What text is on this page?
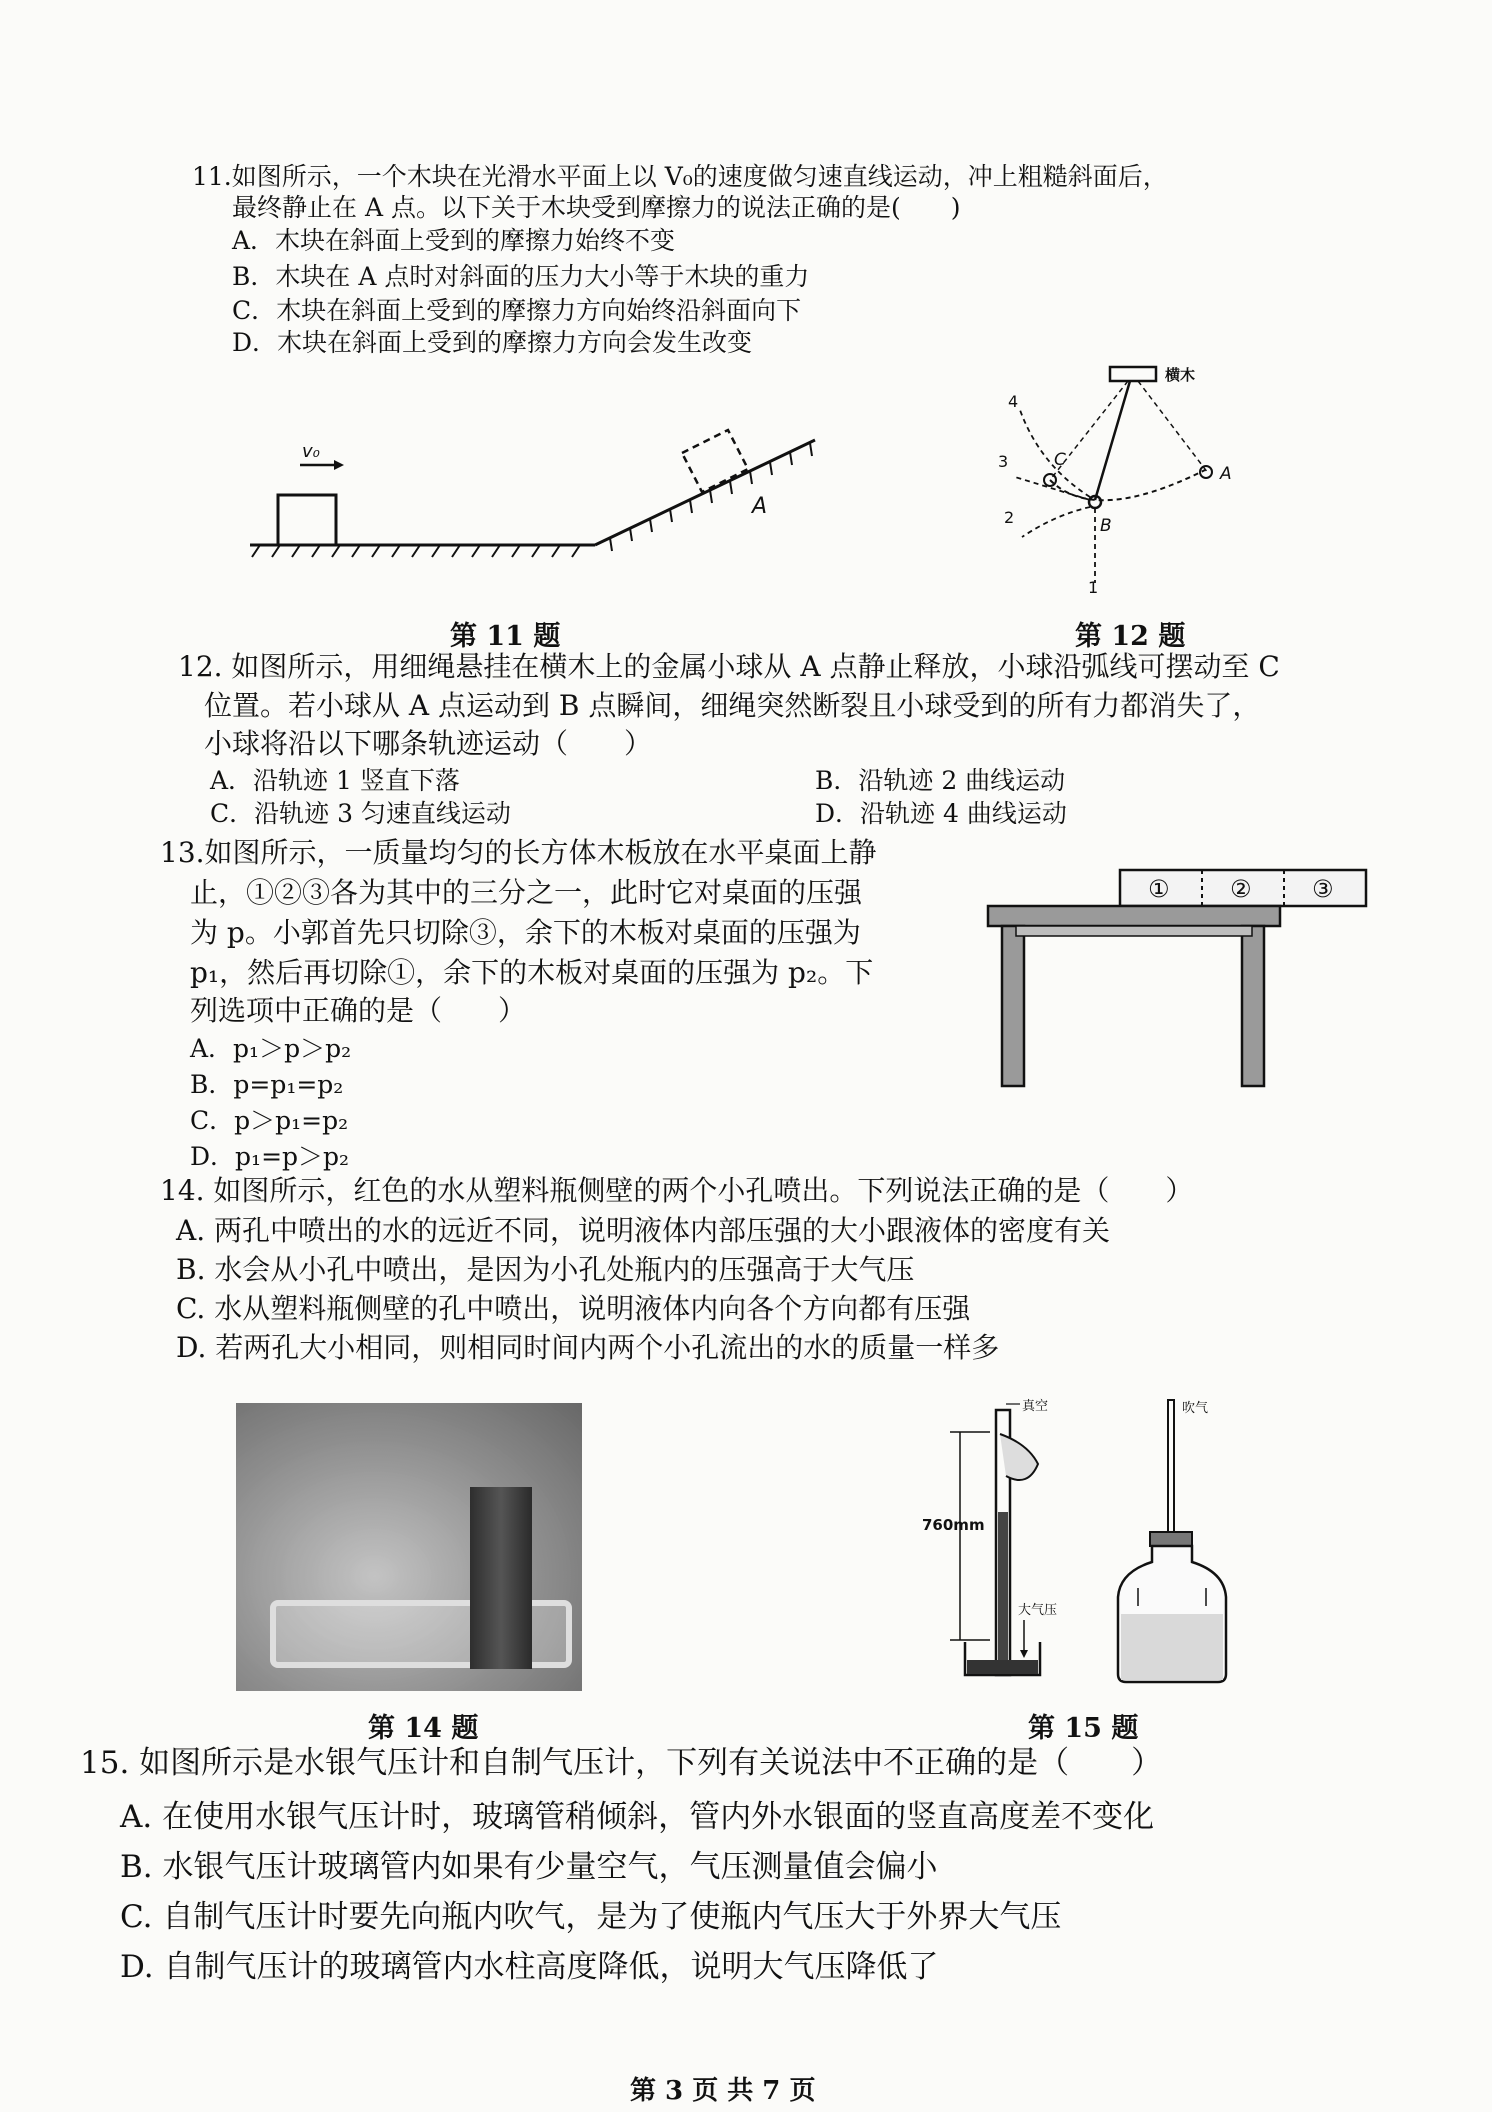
11.如图所示，一个木块在光滑水平面上以 V₀的速度做匀速直线运动，冲上粗糙斜面后，
最终静止在 A 点。以下关于木块受到摩擦力的说法正确的是(　　)
A．木块在斜面上受到的摩擦力始终不变
B．木块在 A 点时对斜面的压力大小等于木块的重力
C．木块在斜面上受到的摩擦力方向始终沿斜面向下
D．木块在斜面上受到的摩擦力方向会发生改变
v₀
A
第 11 题
横木
1
2
3
4
A
B
C
第 12 题
12. 如图所示，用细绳悬挂在横木上的金属小球从 A 点静止释放，小球沿弧线可摆动至 C
位置。若小球从 A 点运动到 B 点瞬间，细绳突然断裂且小球受到的所有力都消失了，
小球将沿以下哪条轨迹运动（　　）
A．沿轨迹 1 竖直下落	B．沿轨迹 2 曲线运动
C．沿轨迹 3 匀速直线运动	D．沿轨迹 4 曲线运动
13.如图所示，一质量均匀的长方体木板放在水平桌面上静
止，①②③各为其中的三分之一，此时它对桌面的压强
为 p。小郭首先只切除③，余下的木板对桌面的压强为
p₁，然后再切除①，余下的木板对桌面的压强为 p₂。下
列选项中正确的是（　　）
A．p₁＞p＞p₂
B．p=p₁=p₂
C．p＞p₁=p₂
D．p₁=p＞p₂
①	②	③
14. 如图所示，红色的水从塑料瓶侧壁的两个小孔喷出。下列说法正确的是（　　）
A. 两孔中喷出的水的远近不同，说明液体内部压强的大小跟液体的密度有关
B. 水会从小孔中喷出，是因为小孔处瓶内的压强高于大气压
C. 水从塑料瓶侧壁的孔中喷出，说明液体内向各个方向都有压强
D. 若两孔大小相同，则相同时间内两个小孔流出的水的质量一样多
第 14 题
真空
760mm
大气压
吹气
第 15 题
15. 如图所示是水银气压计和自制气压计，下列有关说法中不正确的是（　　）
A. 在使用水银气压计时，玻璃管稍倾斜，管内外水银面的竖直高度差不变化
B. 水银气压计玻璃管内如果有少量空气，气压测量值会偏小
C. 自制气压计时要先向瓶内吹气，是为了使瓶内气压大于外界大气压
D. 自制气压计的玻璃管内水柱高度降低，说明大气压降低了
第 3 页 共 7 页
